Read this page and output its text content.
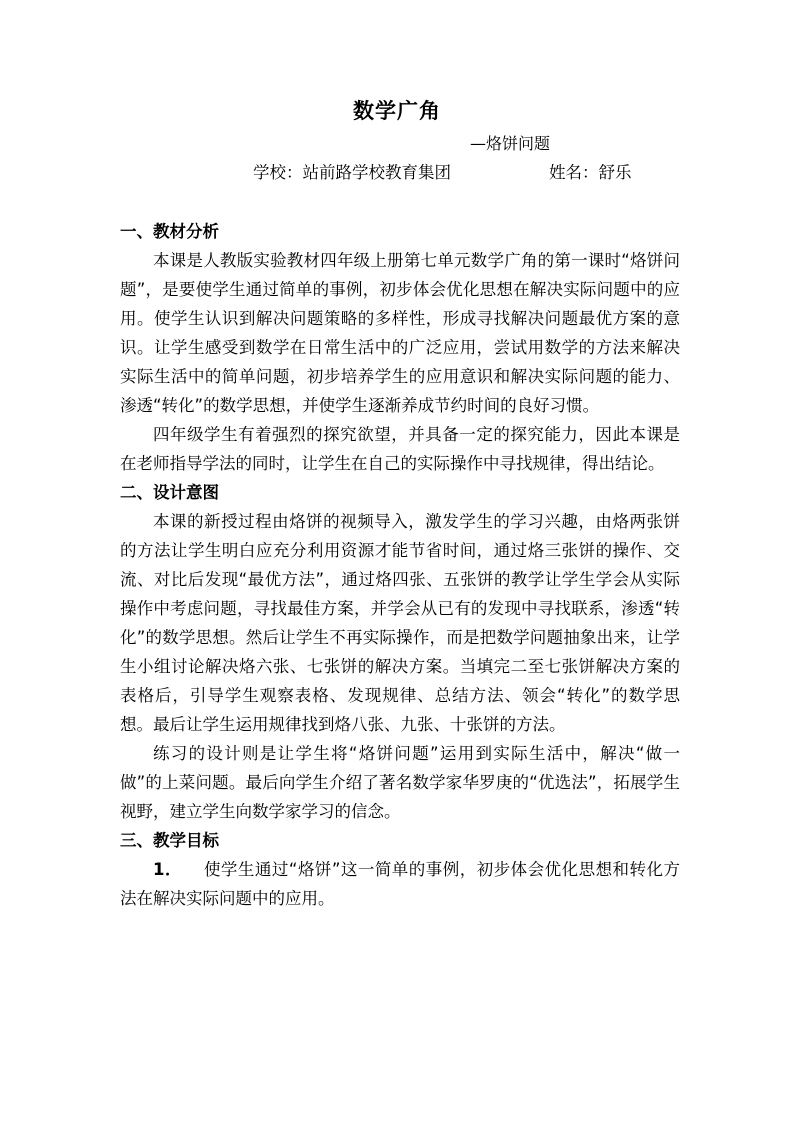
数学广角
—烙饼问题
学校：站前路学校教育集团	姓名：舒乐
一、教材分析

本课是人教版实验教材四年级上册第七单元数学广角的第一课时“烙饼问题”，是要使学生通过简单的事例，初步体会优化思想在解决实际问题中的应用。使学生认识到解决问题策略的多样性，形成寻找解决问题最优方案的意识。让学生感受到数学在日常生活中的广泛应用，尝试用数学的方法来解决实际生活中的简单问题，初步培养学生的应用意识和解决实际问题的能力、渗透“转化”的数学思想，并使学生逐渐养成节约时间的良好习惯。

四年级学生有着强烈的探究欲望，并具备一定的探究能力，因此本课是在老师指导学法的同时，让学生在自己的实际操作中寻找规律，得出结论。

二、设计意图

本课的新授过程由烙饼的视频导入，激发学生的学习兴趣，由烙两张饼的方法让学生明白应充分利用资源才能节省时间，通过烙三张饼的操作、交流、对比后发现“最优方法”，通过烙四张、五张饼的教学让学生学会从实际操作中考虑问题，寻找最佳方案，并学会从已有的发现中寻找联系，渗透“转化”的数学思想。然后让学生不再实际操作，而是把数学问题抽象出来，让学生小组讨论解决烙六张、七张饼的解决方案。当填完二至七张饼解决方案的表格后，引导学生观察表格、发现规律、总结方法、领会“转化”的数学思想。最后让学生运用规律找到烙八张、九张、十张饼的方法。

练习的设计则是让学生将“烙饼问题”运用到实际生活中，解决“做一做”的上菜问题。最后向学生介绍了著名数学家华罗庚的“优选法”，拓展学生视野，建立学生向数学家学习的信念。

三、教学目标

1． 使学生通过“烙饼”这一简单的事例，初步体会优化思想和转化方法在解决实际问题中的应用。
